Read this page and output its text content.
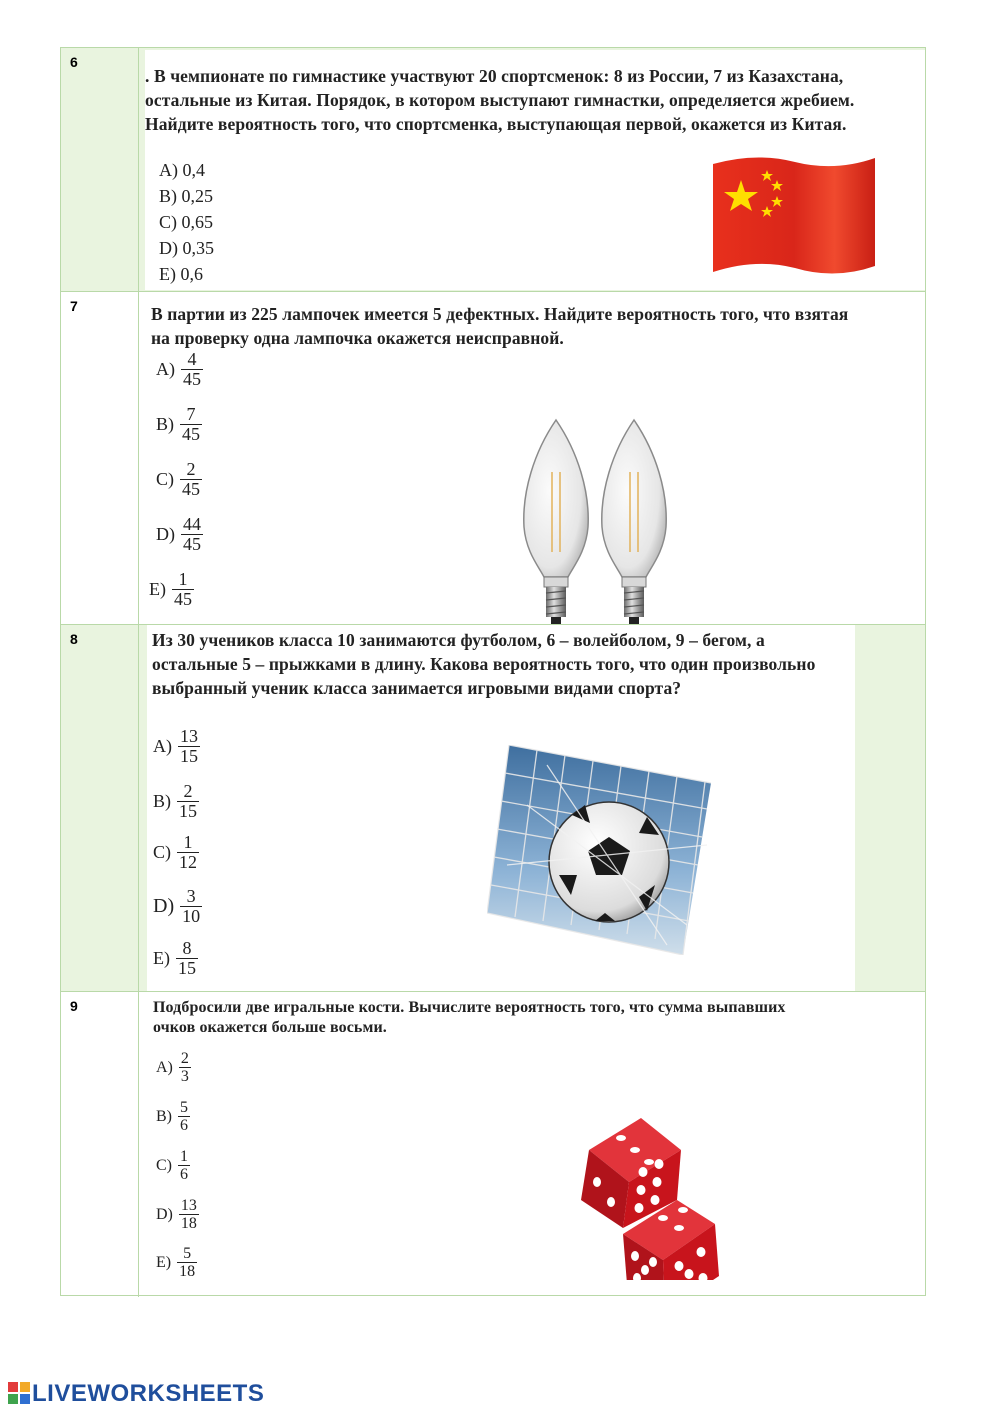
6
. В чемпионате по гимнастике участвуют 20 спортсменок: 8 из России, 7 из Казахстана, остальные из Китая. Порядок, в котором выступают гимнастки, определяется жребием. Найдите вероятность того, что спортсменка, выступающая первой, окажется из Китая.
A) 0,4
B) 0,25
C) 0,65
D) 0,35
E) 0,6
7	В партии из 225 лампочек имеется 5 дефектных. Найдите вероятность того, что взятая на проверку одна лампочка окажется неисправной.
$A) \frac{4}{45}$
$B) \frac{7}{45}$
$C) \frac{2}{45}$
$D) \frac{44}{45}$
$E) \frac{1}{45}$
8	Из 30 учеников класса 10 занимаются футболом, 6 – волейболом, 9 – бегом, а остальные 5 – прыжками в длину. Какова вероятность того, что один произвольно выбранный ученик класса занимается игровыми видами спорта?
$A) \frac{13}{15}$
$B) \frac{2}{15}$
$C) \frac{1}{12}$
$D) \frac{3}{10}$
$E) \frac{8}{15}$
9	Подбросили две игральные кости. Вычислите вероятность того, что сумма выпавших очков окажется больше восьми.
$A) \frac{2}{3}$
$B) \frac{5}{6}$
$C) \frac{1}{6}$
$D) \frac{13}{18}$
$E) \frac{5}{18}$
LIVEWORKSHEETS
